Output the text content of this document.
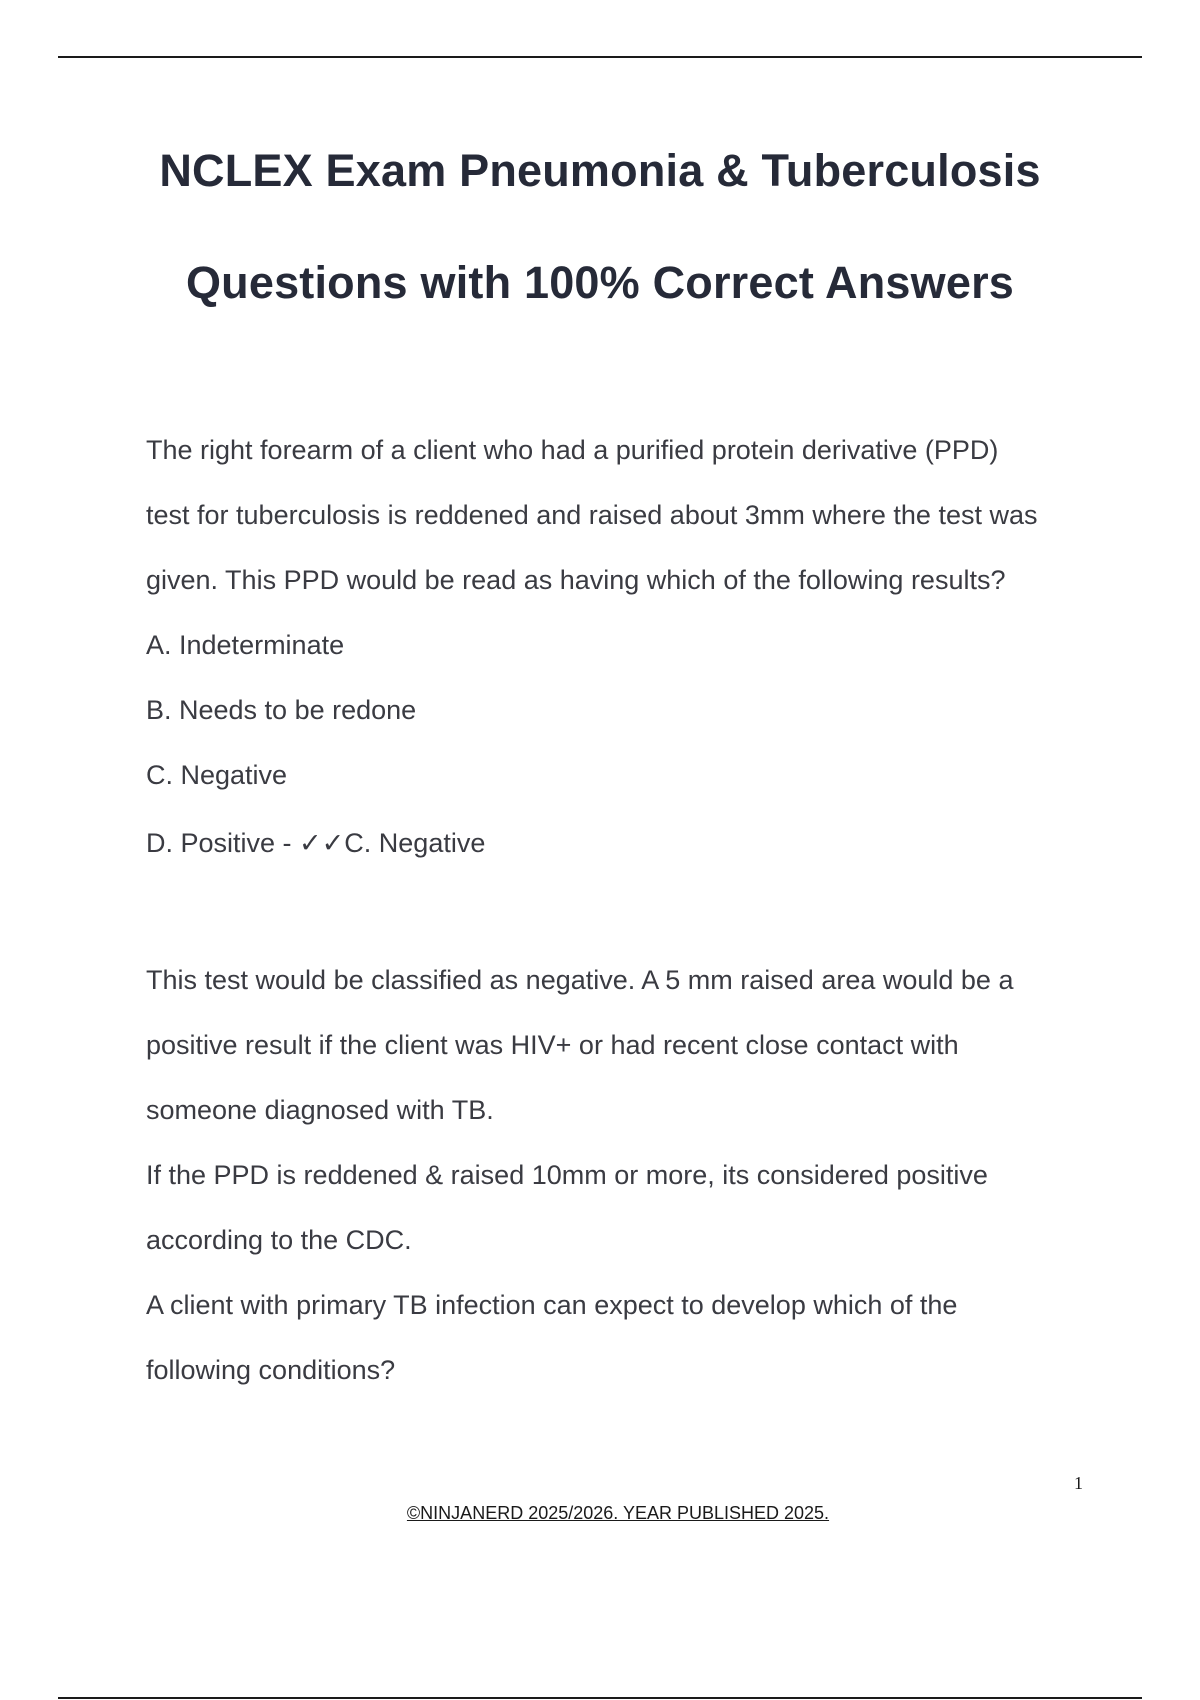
NCLEX Exam Pneumonia & Tuberculosis
Questions with 100% Correct Answers

The right forearm of a client who had a purified protein derivative (PPD)

test for tuberculosis is reddened and raised about 3mm where the test was

given. This PPD would be read as having which of the following results?

A. Indeterminate

B. Needs to be redone

C. Negative

D. Positive - ✓✓C. Negative

This test would be classified as negative. A 5 mm raised area would be a

positive result if the client was HIV+ or had recent close contact with

someone diagnosed with TB.

If the PPD is reddened & raised 10mm or more, its considered positive

according to the CDC.

A client with primary TB infection can expect to develop which of the

following conditions?

1
©NINJANERD 2025/2026. YEAR PUBLISHED 2025.
